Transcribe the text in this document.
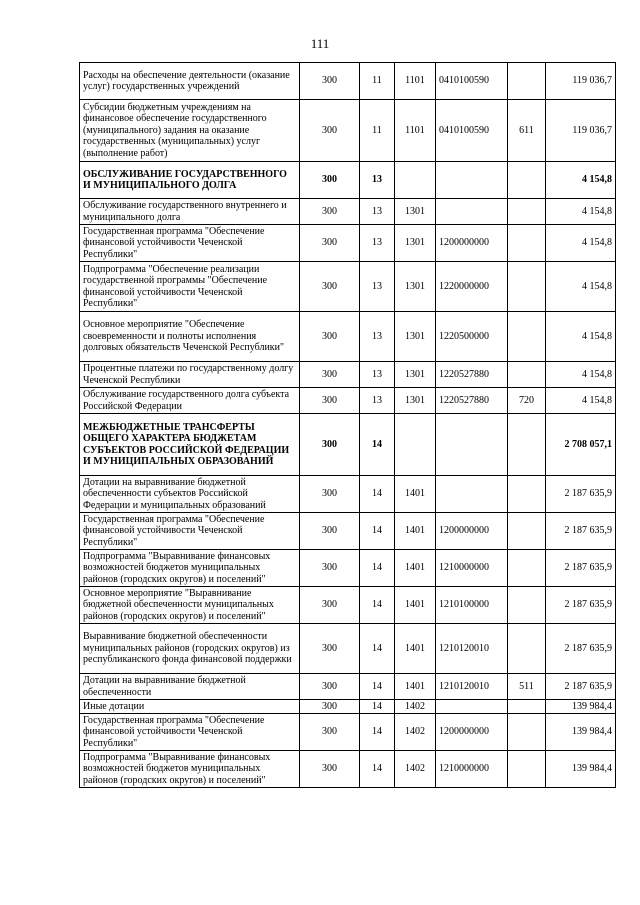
111
Расходы на обеспечение деятельности (оказание услуг) государственных учреждений	300	11	1101	0410100590		119 036,7
Субсидии бюджетным учреждениям на финансовое обеспечение государственного (муниципального) задания на оказание государственных (муниципальных) услуг (выполнение работ)	300	11	1101	0410100590	611	119 036,7
ОБСЛУЖИВАНИЕ ГОСУДАРСТВЕННОГО И МУНИЦИПАЛЬНОГО ДОЛГА	300	13				4 154,8
Обслуживание государственного внутреннего и муниципального долга	300	13	1301			4 154,8
Государственная программа "Обеспечение финансовой устойчивости Чеченской Республики"	300	13	1301	1200000000		4 154,8
Подпрограмма "Обеспечение реализации государственной программы "Обеспечение финансовой устойчивости Чеченской Республики"	300	13	1301	1220000000		4 154,8
Основное мероприятие "Обеспечение своевременности и полноты исполнения долговых обязательств Чеченской Республики"	300	13	1301	1220500000		4 154,8
Процентные платежи по государственному долгу Чеченской Республики	300	13	1301	1220527880		4 154,8
Обслуживание государственного долга субъекта Российской Федерации	300	13	1301	1220527880	720	4 154,8
МЕЖБЮДЖЕТНЫЕ ТРАНСФЕРТЫ ОБЩЕГО ХАРАКТЕРА БЮДЖЕТАМ СУБЪЕКТОВ РОССИЙСКОЙ ФЕДЕРАЦИИ И МУНИЦИПАЛЬНЫХ ОБРАЗОВАНИЙ	300	14				2 708 057,1
Дотации на выравнивание бюджетной обеспеченности субъектов Российской Федерации и муниципальных образований	300	14	1401			2 187 635,9
Государственная программа "Обеспечение финансовой устойчивости Чеченской Республики"	300	14	1401	1200000000		2 187 635,9
Подпрограмма "Выравнивание финансовых возможностей бюджетов муниципальных районов (городских округов) и поселений"	300	14	1401	1210000000		2 187 635,9
Основное мероприятие "Выравнивание бюджетной обеспеченности муниципальных районов (городских округов) и поселений"	300	14	1401	1210100000		2 187 635,9
Выравнивание бюджетной обеспеченности муниципальных районов (городских округов) из республиканского фонда финансовой поддержки	300	14	1401	1210120010		2 187 635,9
Дотации на выравнивание бюджетной обеспеченности	300	14	1401	1210120010	511	2 187 635,9
Иные дотации	300	14	1402			139 984,4
Государственная программа "Обеспечение финансовой устойчивости Чеченской Республики"	300	14	1402	1200000000		139 984,4
Подпрограмма "Выравнивание финансовых возможностей бюджетов муниципальных районов (городских округов) и поселений"	300	14	1402	1210000000		139 984,4
